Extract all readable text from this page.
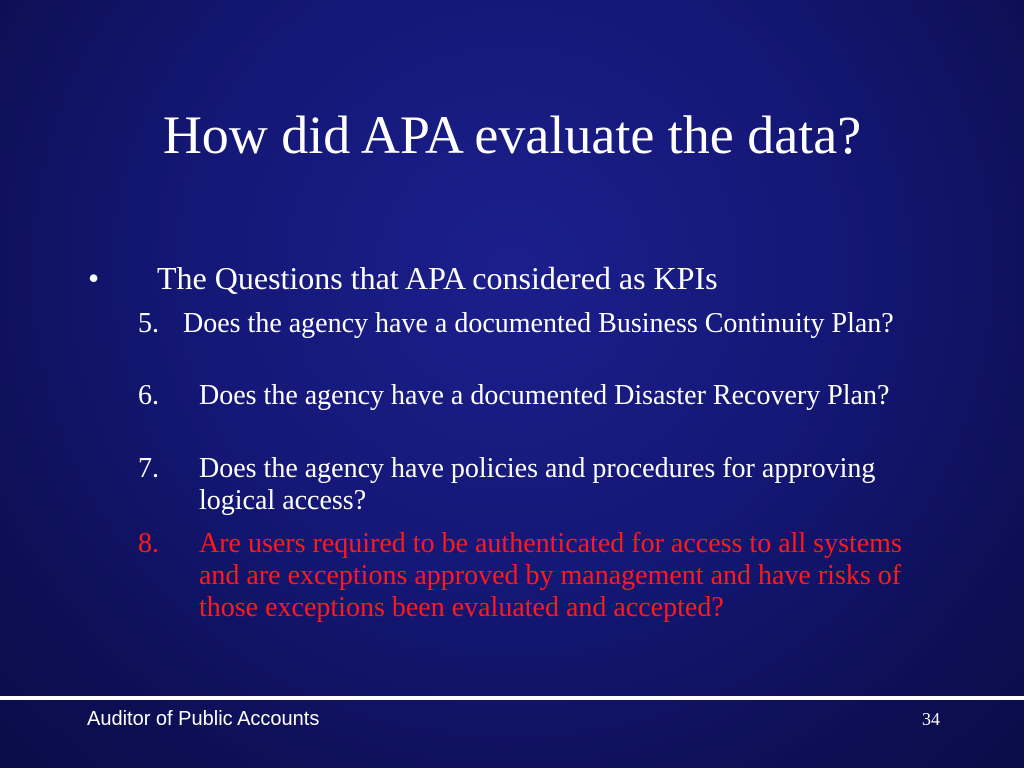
How did APA evaluate the data?
• The Questions that APA considered as KPIs
5. Does the agency have a documented Business Continuity Plan?
6.	Does the agency have a documented Disaster Recovery Plan?
7.	Does the agency have policies and procedures for approving logical access?
8.	Are users required to be authenticated for access to all systems and are exceptions approved by management and have risks of those exceptions been evaluated and accepted?
Auditor of Public Accounts	34
